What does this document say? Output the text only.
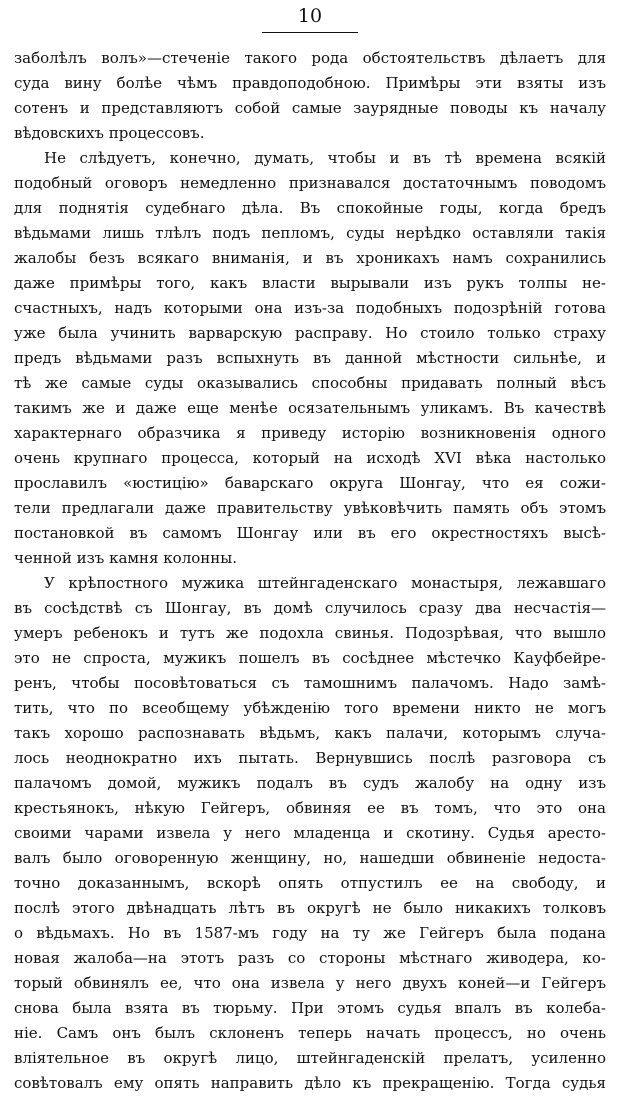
10
заболѣлъ волъ»—стеченіе такого рода обстоятельствъ дѣлаетъ для
суда вину болѣе чѣмъ правдоподобною. Примѣры эти взяты изъ
сотенъ и представляютъ собой самые заурядные поводы къ началу
вѣдовскихъ процессовъ.
Не слѣдуетъ, конечно, думать, чтобы и въ тѣ времена всякій
подобный оговоръ немедленно признавался достаточнымъ поводомъ
для поднятія судебнаго дѣла. Въ спокойные годы, когда бредъ
вѣдьмами лишь тлѣлъ подъ пепломъ, суды нерѣдко оставляли такія
жалобы безъ всякаго вниманія, и въ хроникахъ намъ сохранились
даже примѣры того, какъ власти вырывали изъ рукъ толпы не-
счастныхъ, надъ которыми она изъ-за подобныхъ подозрѣній готова
уже была учинить варварскую расправу. Но стоило только страху
предъ вѣдьмами разъ вспыхнуть въ данной мѣстности сильнѣе, и
тѣ же самые суды оказывались способны придавать полный вѣсъ
такимъ же и даже еще менѣе осязательнымъ уликамъ. Въ качествѣ
характернаго образчика я приведу исторію возникновенія одного
очень крупнаго процесса, который на исходѣ XVI вѣка настолько
прославилъ «юстицію» баварскаго округа Шонгау, что ея сожи-
тели предлагали даже правительству увѣковѣчить память объ этомъ
постановкой въ самомъ Шонгау или въ его окрестностяхъ высѣ-
ченной изъ камня колонны.
У крѣпостного мужика штейнгаденскаго монастыря, лежавшаго
въ сосѣдствѣ съ Шонгау, въ домѣ случилось сразу два несчастія—
умеръ ребенокъ и тутъ же подохла свинья. Подозрѣвая, что вышло
это не спроста, мужикъ пошелъ въ сосѣднее мѣстечко Кауфбейре-
ренъ, чтобы посовѣтоваться съ тамошнимъ палачомъ. Надо замѣ-
тить, что по всеобщему убѣжденію того времени никто не могъ
такъ хорошо распознавать вѣдьмъ, какъ палачи, которымъ случа-
лось неоднократно ихъ пытать. Вернувшись послѣ разговора съ
палачомъ домой, мужикъ подалъ въ судъ жалобу на одну изъ
крестьянокъ, нѣкую Гейгеръ, обвиняя ее въ томъ, что это она
своими чарами извела у него младенца и скотину. Судья аресто-
валъ было оговоренную женщину, но, нашедши обвиненіе недоста-
точно доказаннымъ, вскорѣ опять отпустилъ ее на свободу, и
послѣ этого двѣнадцать лѣтъ въ округѣ не было никакихъ толковъ
о вѣдьмахъ. Но въ 1587-мъ году на ту же Гейгеръ была подана
новая жалоба—на этотъ разъ со стороны мѣстнаго живодера, ко-
торый обвинялъ ее, что она извела у него двухъ коней—и Гейгеръ
снова была взята въ тюрьму. При этомъ судья впалъ въ колеба-
ніе. Самъ онъ былъ склоненъ теперь начать процессъ, но очень
вліятельное въ округѣ лицо, штейнгаденскій прелатъ, усиленно
совѣтовалъ ему опять направить дѣло къ прекращенію. Тогда судья
